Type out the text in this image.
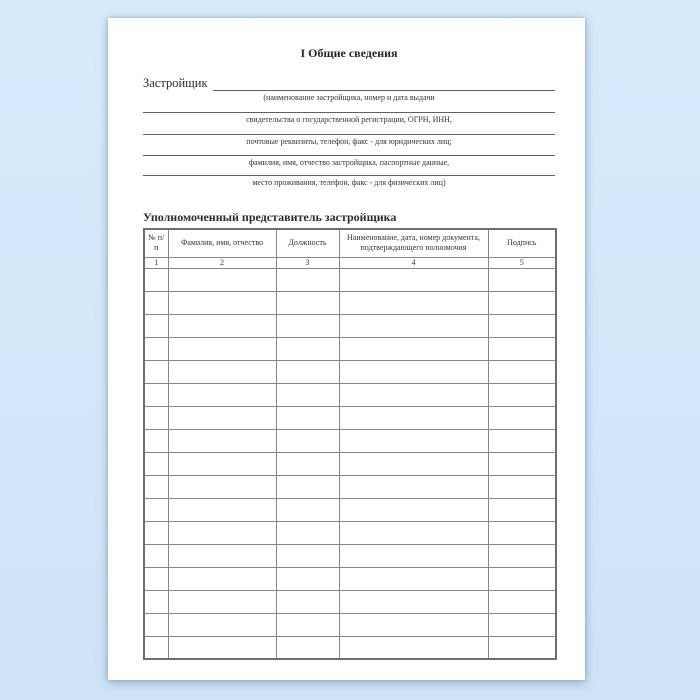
I Общие сведения
Застройщик
(наименование застройщика, номер и дата выдачи
свидетельства о государственной регистрации, ОГРН, ИНН,
почтовые реквизиты, телефон, факс - для юридических лиц;
фамилия, имя, отчество застройщика, паспортные данные,
место проживания, телефон, факс - для физических лиц)
Уполномоченный представитель застройщика
№ п/п	Фамилия, имя, отчество	Должность	Наименование, дата, номер документа, подтверждающего полномочия	Подпись
1	2	3	4	5
